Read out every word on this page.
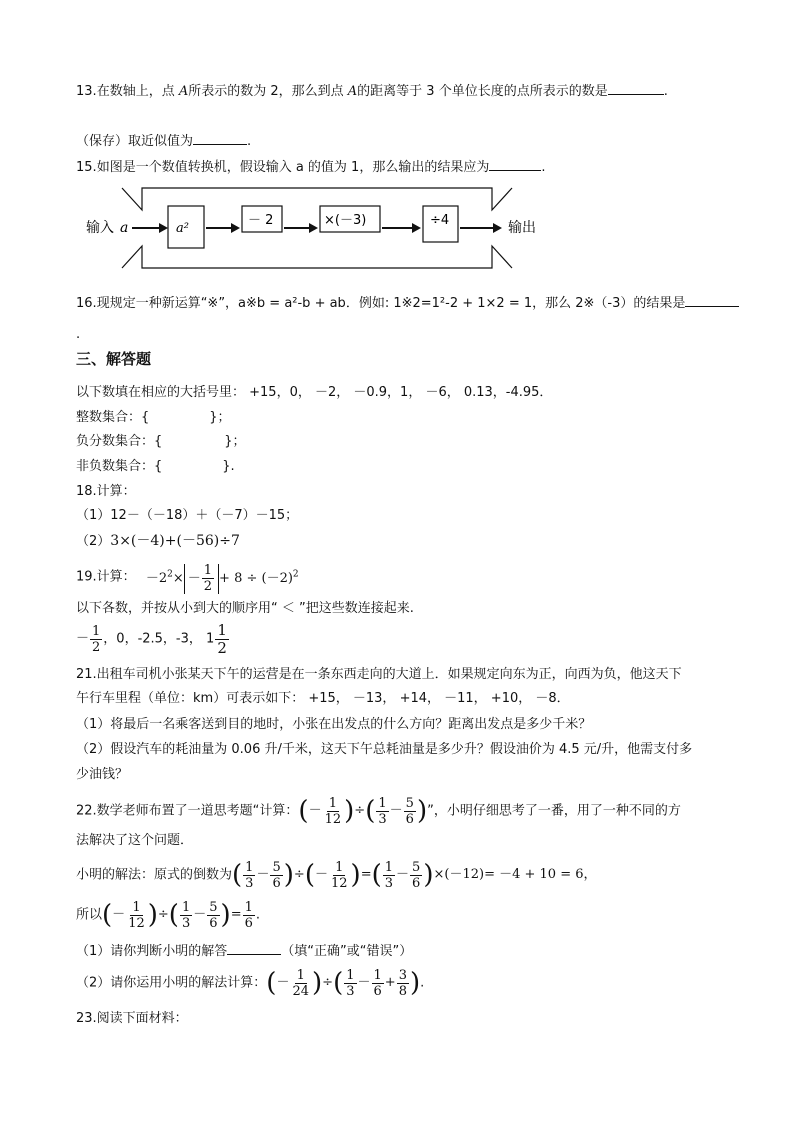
13.在数轴上，点 A所表示的数为 2，那么到点 A的距离等于 3 个单位长度的点所表示的数是	.
（保存）取近似值为	.
15.如图是一个数值转换机，假设输入 a 的值为 1，那么输出的结果应为	.
输入 a	a²
－ 2	×(－3)	÷4	输出
16.现规定一种新运算“※”，a※b = a²-b + ab．例如: 1※2=1²-2 + 1×2 = 1，那么 2※（-3）的结果是
.
三、解答题
以下数填在相应的大括号里： +15，0， －2， －0.9̇，1， －6， 0.13，-4.95．
整数集合：{	}；
负分数集合：{	}；
非负数集合：{	}.
18.计算：
（1）12－（－18）＋（－7）－15；
（2）3×(－4)+(－56)÷7
19.计算： $-2^2\times - \frac{1}{2} + 8 \div (-2)^2$
以下各数，并按从小到大的顺序用“ ＜ ”把这些数连接起来.
－ $\frac{1}{2}$ ，0，-2.5，-3， $1 \frac{1}{2}$
21.出租车司机小张某天下午的运营是在一条东西走向的大道上．如果规定向东为正，向西为负，他这天下
午行车里程（单位：km）可表示如下： +15， －13， +14， －11， +10， －8．
（1）将最后一名乘客送到目的地时，小张在出发点的什么方向？距离出发点是多少千米？
（2）假设汽车的耗油量为 0.06 升/千米，这天下午总耗油量是多少升？假设油价为 4.5 元/升，他需支付多
少油钱？
22.数学老师布置了一道思考题“计算：(－ $\frac{1}{12}$ )÷( $\frac{1}{3} - \frac{5}{6}$ )”，小明仔细思考了一番，用了一种不同的方
法解决了这个问题．
小明的解法：原式的倒数为( $\frac{1}{3} - \frac{5}{6}$ )÷(－ $\frac{1}{12}$ )=( $\frac{1}{3} - \frac{5}{6} )\times(-12)= -4 + 10 = 6$，
所以(－ $\frac{1}{12}$ )÷( $\frac{1}{3} - \frac{5}{6}$ )= $\frac{1}{6}$ .
（1）请你判断小明的解答	（填“正确”或“错误”）
（2）请你运用小明的解法计算：(－ $\frac{1}{24}$ )÷( $\frac{1}{3} - \frac{1}{6} + \frac{3}{8}$ ).
23.阅读下面材料：
